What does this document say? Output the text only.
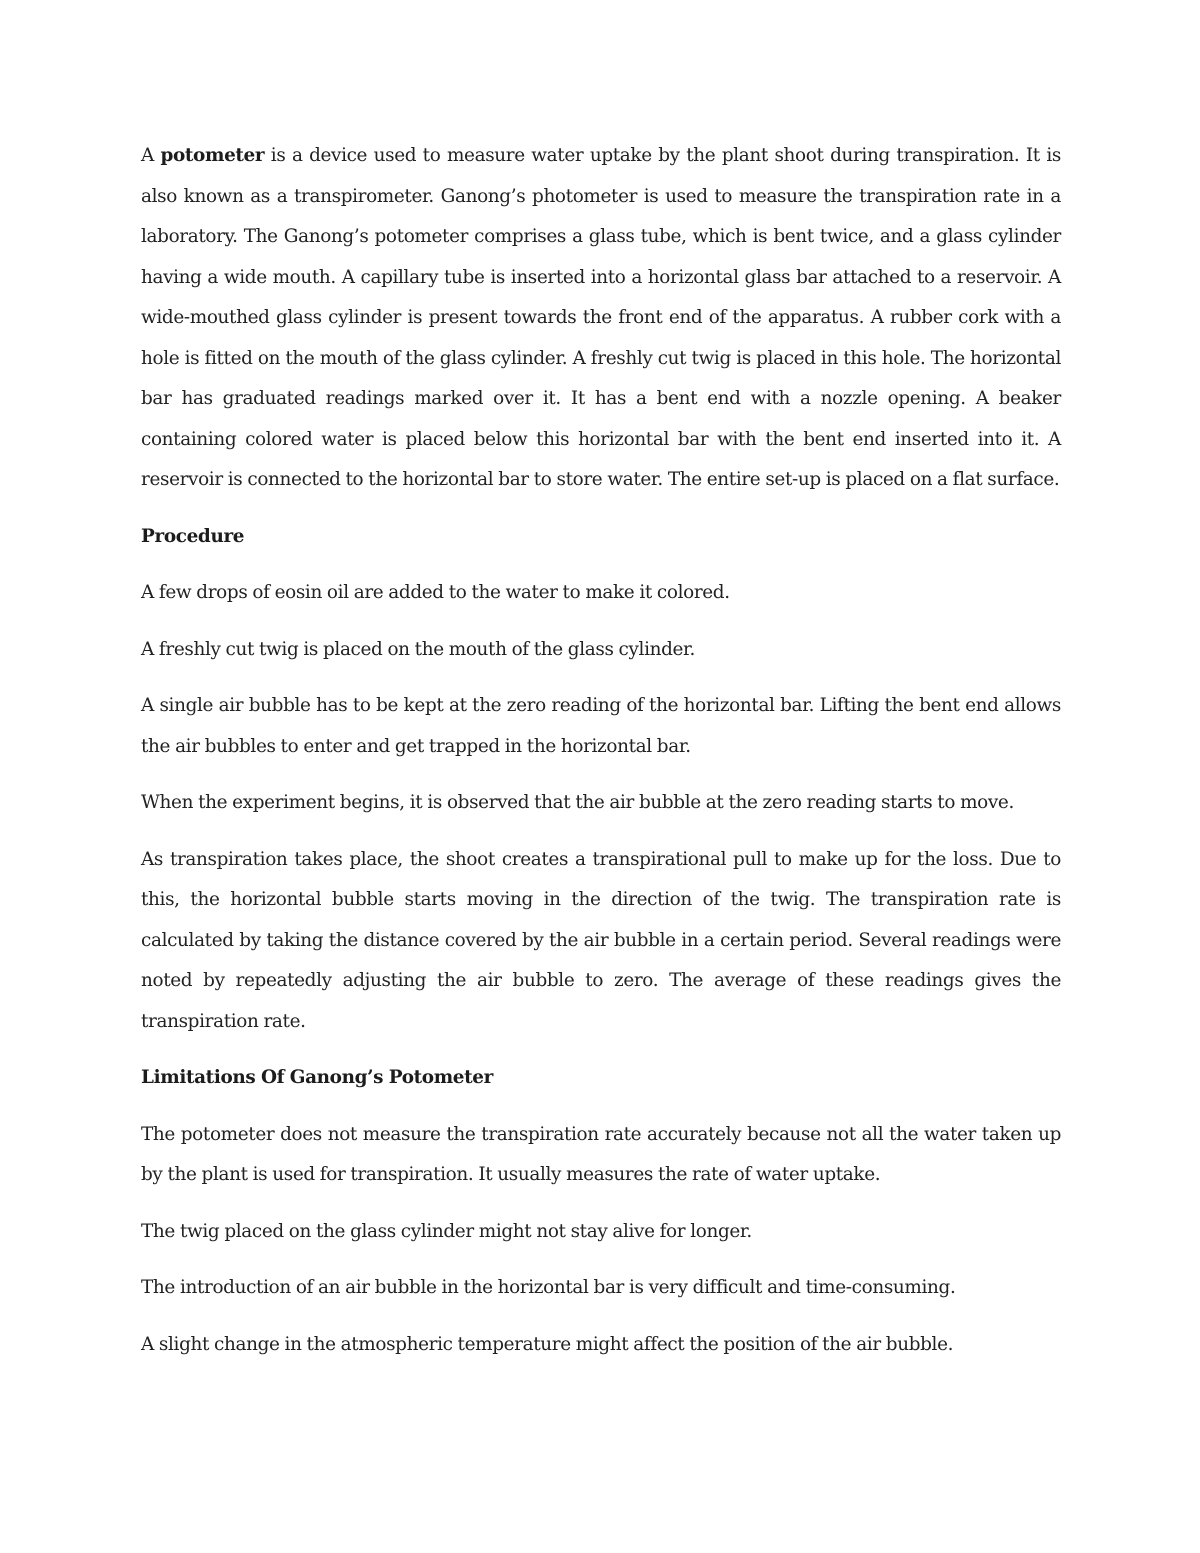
A potometer is a device used to measure water uptake by the plant shoot during transpiration. It is also known as a transpirometer. Ganong’s photometer is used to measure the transpiration rate in a laboratory. The Ganong’s potometer comprises a glass tube, which is bent twice, and a glass cylinder having a wide mouth. A capillary tube is inserted into a horizontal glass bar attached to a reservoir. A wide-mouthed glass cylinder is present towards the front end of the apparatus. A rubber cork with a hole is fitted on the mouth of the glass cylinder. A freshly cut twig is placed in this hole. The horizontal bar has graduated readings marked over it. It has a bent end with a nozzle opening. A beaker containing colored water is placed below this horizontal bar with the bent end inserted into it. A reservoir is connected to the horizontal bar to store water. The entire set-up is placed on a flat surface.

Procedure

A few drops of eosin oil are added to the water to make it colored.

A freshly cut twig is placed on the mouth of the glass cylinder.

A single air bubble has to be kept at the zero reading of the horizontal bar. Lifting the bent end allows the air bubbles to enter and get trapped in the horizontal bar.

When the experiment begins, it is observed that the air bubble at the zero reading starts to move.

As transpiration takes place, the shoot creates a transpirational pull to make up for the loss. Due to this, the horizontal bubble starts moving in the direction of the twig. The transpiration rate is calculated by taking the distance covered by the air bubble in a certain period. Several readings were noted by repeatedly adjusting the air bubble to zero. The average of these readings gives the transpiration rate.

Limitations Of Ganong’s Potometer

The potometer does not measure the transpiration rate accurately because not all the water taken up by the plant is used for transpiration. It usually measures the rate of water uptake.

The twig placed on the glass cylinder might not stay alive for longer.

The introduction of an air bubble in the horizontal bar is very difficult and time-consuming.

A slight change in the atmospheric temperature might affect the position of the air bubble.
